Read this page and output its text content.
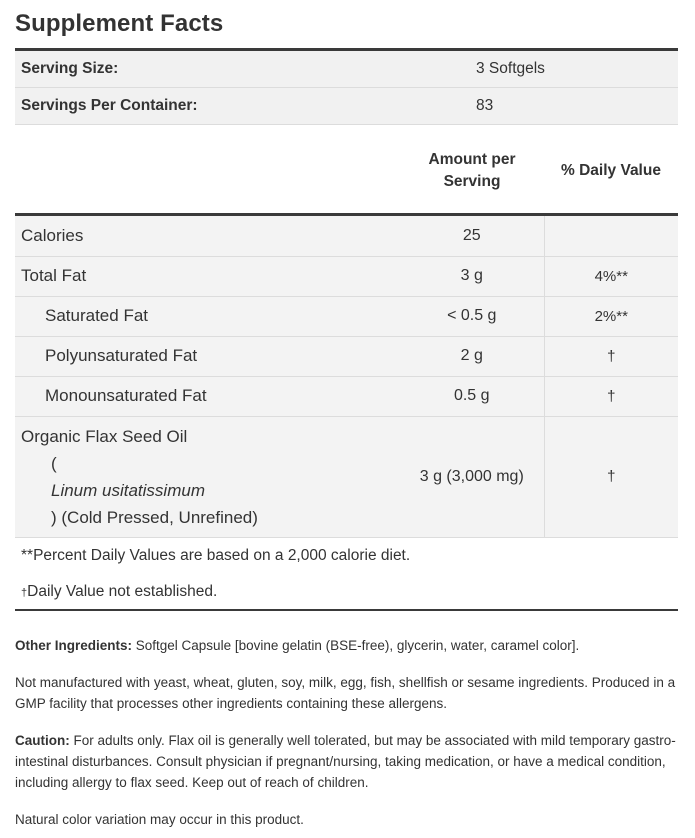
Supplement Facts
Serving Size:	3 Softgels
Servings Per Container:	83
	Amount per Serving	% Daily Value

Calories	25	
Total Fat	3 g	4%**
Saturated Fat	< 0.5 g	2%**
Polyunsaturated Fat	2 g	†
Monounsaturated Fat	0.5 g	†

Organic Flax Seed Oil
(
Linum usitatissimum
) (Cold Pressed, Unrefined)	3 g (3,000 mg)	†
**Percent Daily Values are based on a 2,000 calorie diet.
†Daily Value not established.

Other Ingredients: Softgel Capsule [bovine gelatin (BSE-free), glycerin, water, caramel color].

Not manufactured with yeast, wheat, gluten, soy, milk, egg, fish, shellfish or sesame ingredients. Produced in a GMP facility that processes other ingredients containing these allergens.

Caution: For adults only. Flax oil is generally well tolerated, but may be associated with mild temporary gastro-intestinal disturbances. Consult physician if pregnant/nursing, taking medication, or have a medical condition, including allergy to flax seed. Keep out of reach of children.

Natural color variation may occur in this product.
